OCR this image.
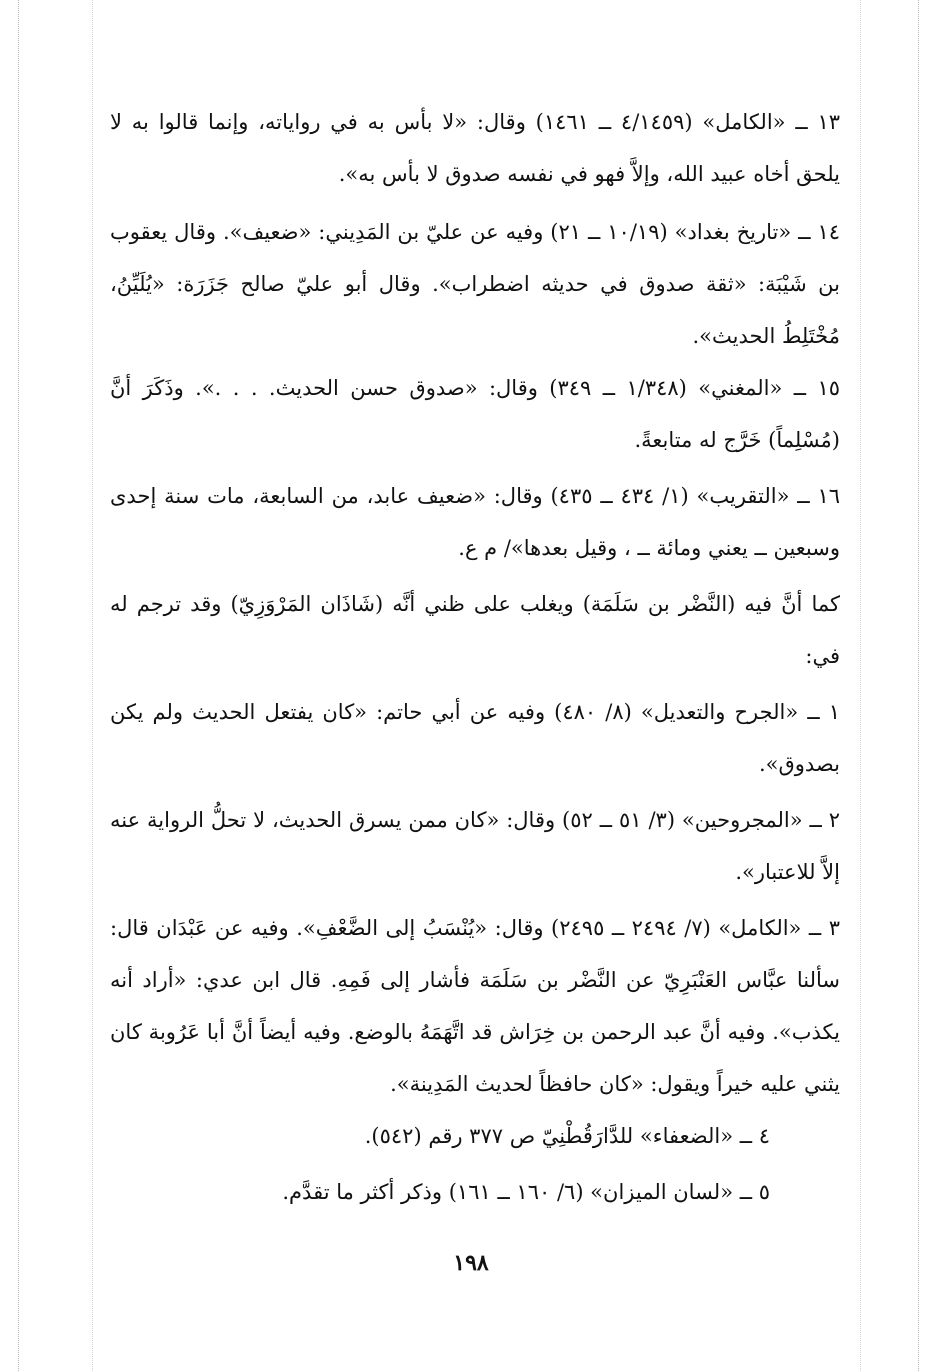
١٣ ــ «الكامل» (٤/١٤٥٩ ــ ١٤٦١) وقال: «لا بأس به في رواياته، وإنما قالوا به لا يلحق أخاه عبيد الله، وإلاَّ فهو في نفسه صدوق لا بأس به».

١٤ ــ «تاريخ بغداد» (١٠/١٩ ــ ٢١) وفيه عن عليّ بن المَدِيني: «ضعيف». وقال يعقوب بن شَيْبَة: «ثقة صدوق في حديثه اضطراب». وقال أبو عليّ صالح جَزَرَة: «يُلَيِّنُ، مُخْتَلِطُ الحديث».

١٥ ــ «المغني» (١/٣٤٨ ــ ٣٤٩) وقال: «صدوق حسن الحديث. . . .». وذَكَرَ أنَّ (مُسْلِماً) خَرَّج له متابعةً.

١٦ ــ «التقريب» (١/ ٤٣٤ ــ ٤٣٥) وقال: «ضعيف عابد، من السابعة، مات سنة إحدى وسبعين ــ يعني ومائة ــ ، وقيل بعدها»/ م ع.

كما أنَّ فيه (النَّضْر بن سَلَمَة) ويغلب على ظني أنَّه (شَاذَان المَرْوَزِيّ) وقد ترجم له في:

١ ــ «الجرح والتعديل» (٨/ ٤٨٠) وفيه عن أبي حاتم: «كان يفتعل الحديث ولم يكن بصدوق».

٢ ــ «المجروحين» (٣/ ٥١ ــ ٥٢) وقال: «كان ممن يسرق الحديث، لا تحلُّ الرواية عنه إلاَّ للاعتبار».

٣ ــ «الكامل» (٧/ ٢٤٩٤ ــ ٢٤٩٥) وقال: «يُنْسَبُ إلى الضَّعْفِ». وفيه عن عَبْدَان قال: سألنا عبَّاس العَنْبَرِيّ عن النَّضْر بن سَلَمَة فأشار إلى فَمِهِ. قال ابن عدي: «أراد أنه يكذب». وفيه أنَّ عبد الرحمن بن خِرَاش قد اتَّهَمَهُ بالوضع. وفيه أيضاً أنَّ أبا عَرُوبة كان يثني عليه خيراً ويقول: «كان حافظاً لحديث المَدِينة».

٤ ــ «الضعفاء» للدَّارَقُطْنِيّ ص ٣٧٧ رقم (٥٤٢).

٥ ــ «لسان الميزان» (٦/ ١٦٠ ــ ١٦١) وذكر أكثر ما تقدَّم.

١٩٨
